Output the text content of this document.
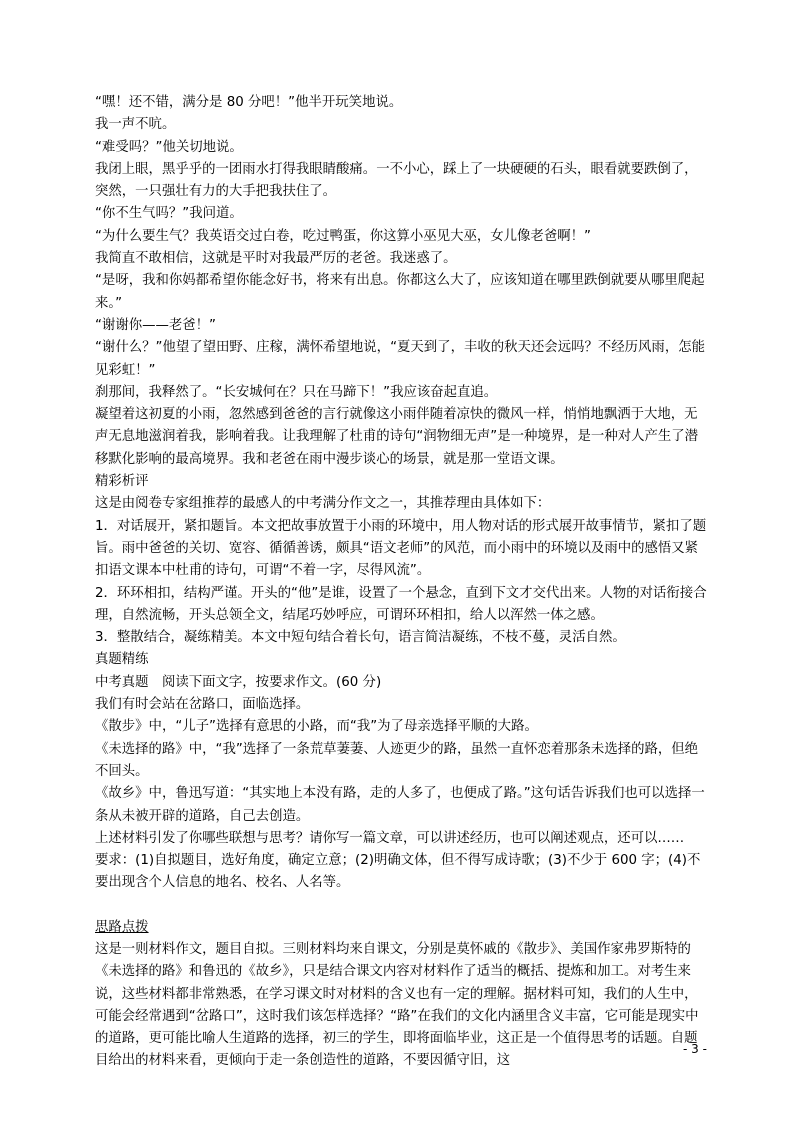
“嘿！还不错，满分是 80 分吧！”他半开玩笑地说。

我一声不吭。

“难受吗？”他关切地说。

我闭上眼，黑乎乎的一团雨水打得我眼睛酸痛。一不小心，踩上了一块硬硬的石头，眼看就要跌倒了，突然，一只强壮有力的大手把我扶住了。

“你不生气吗？”我问道。

“为什么要生气？我英语交过白卷，吃过鸭蛋，你这算小巫见大巫，女儿像老爸啊！”

我简直不敢相信，这就是平时对我最严厉的老爸。我迷惑了。

“是呀，我和你妈都希望你能念好书，将来有出息。你都这么大了，应该知道在哪里跌倒就要从哪里爬起来。”

“谢谢你——老爸！”

“谢什么？”他望了望田野、庄稼，满怀希望地说，“夏天到了，丰收的秋天还会远吗？不经历风雨，怎能见彩虹！”

刹那间，我释然了。“长安城何在？只在马蹄下！”我应该奋起直追。

凝望着这初夏的小雨，忽然感到爸爸的言行就像这小雨伴随着凉快的微风一样，悄悄地飘洒于大地，无声无息地滋润着我，影响着我。让我理解了杜甫的诗句“润物细无声”是一种境界，是一种对人产生了潜移默化影响的最高境界。我和老爸在雨中漫步谈心的场景，就是那一堂语文课。

精彩析评

这是由阅卷专家组推荐的最感人的中考满分作文之一，其推荐理由具体如下：

1．对话展开，紧扣题旨。本文把故事放置于小雨的环境中，用人物对话的形式展开故事情节，紧扣了题旨。雨中爸爸的关切、宽容、循循善诱，颇具“语文老师”的风范，而小雨中的环境以及雨中的感悟又紧扣语文课本中杜甫的诗句，可谓“不着一字，尽得风流”。

2．环环相扣，结构严谨。开头的“他”是谁，设置了一个悬念，直到下文才交代出来。人物的对话衔接合理，自然流畅，开头总领全文，结尾巧妙呼应，可谓环环相扣，给人以浑然一体之感。

3．整散结合，凝练精美。本文中短句结合着长句，语言简洁凝练，不枝不蔓，灵活自然。

真题精练

中考真题　阅读下面文字，按要求作文。(60 分)

我们有时会站在岔路口，面临选择。

《散步》中，“儿子”选择有意思的小路，而“我”为了母亲选择平顺的大路。

《未选择的路》中，“我”选择了一条荒草萋萋、人迹更少的路，虽然一直怀恋着那条未选择的路，但绝不回头。

《故乡》中，鲁迅写道：“其实地上本没有路，走的人多了，也便成了路。”这句话告诉我们也可以选择一条从未被开辟的道路，自己去创造。

上述材料引发了你哪些联想与思考？请你写一篇文章，可以讲述经历，也可以阐述观点，还可以……

要求：(1)自拟题目，选好角度，确定立意；(2)明确文体，但不得写成诗歌；(3)不少于 600 字；(4)不要出现含个人信息的地名、校名、人名等。

思路点拨

这是一则材料作文，题目自拟。三则材料均来自课文，分别是莫怀戚的《散步》、美国作家弗罗斯特的《未选择的路》和鲁迅的《故乡》，只是结合课文内容对材料作了适当的概括、提炼和加工。对考生来说，这些材料都非常熟悉，在学习课文时对材料的含义也有一定的理解。据材料可知，我们的人生中，可能会经常遇到“岔路口”，这时我们该怎样选择？“路”在我们的文化内涵里含义丰富，它可能是现实中的道路，更可能比喻人生道路的选择，初三的学生，即将面临毕业，这正是一个值得思考的话题。自题目给出的材料来看，更倾向于走一条创造性的道路，不要因循守旧，这

- 3 -
